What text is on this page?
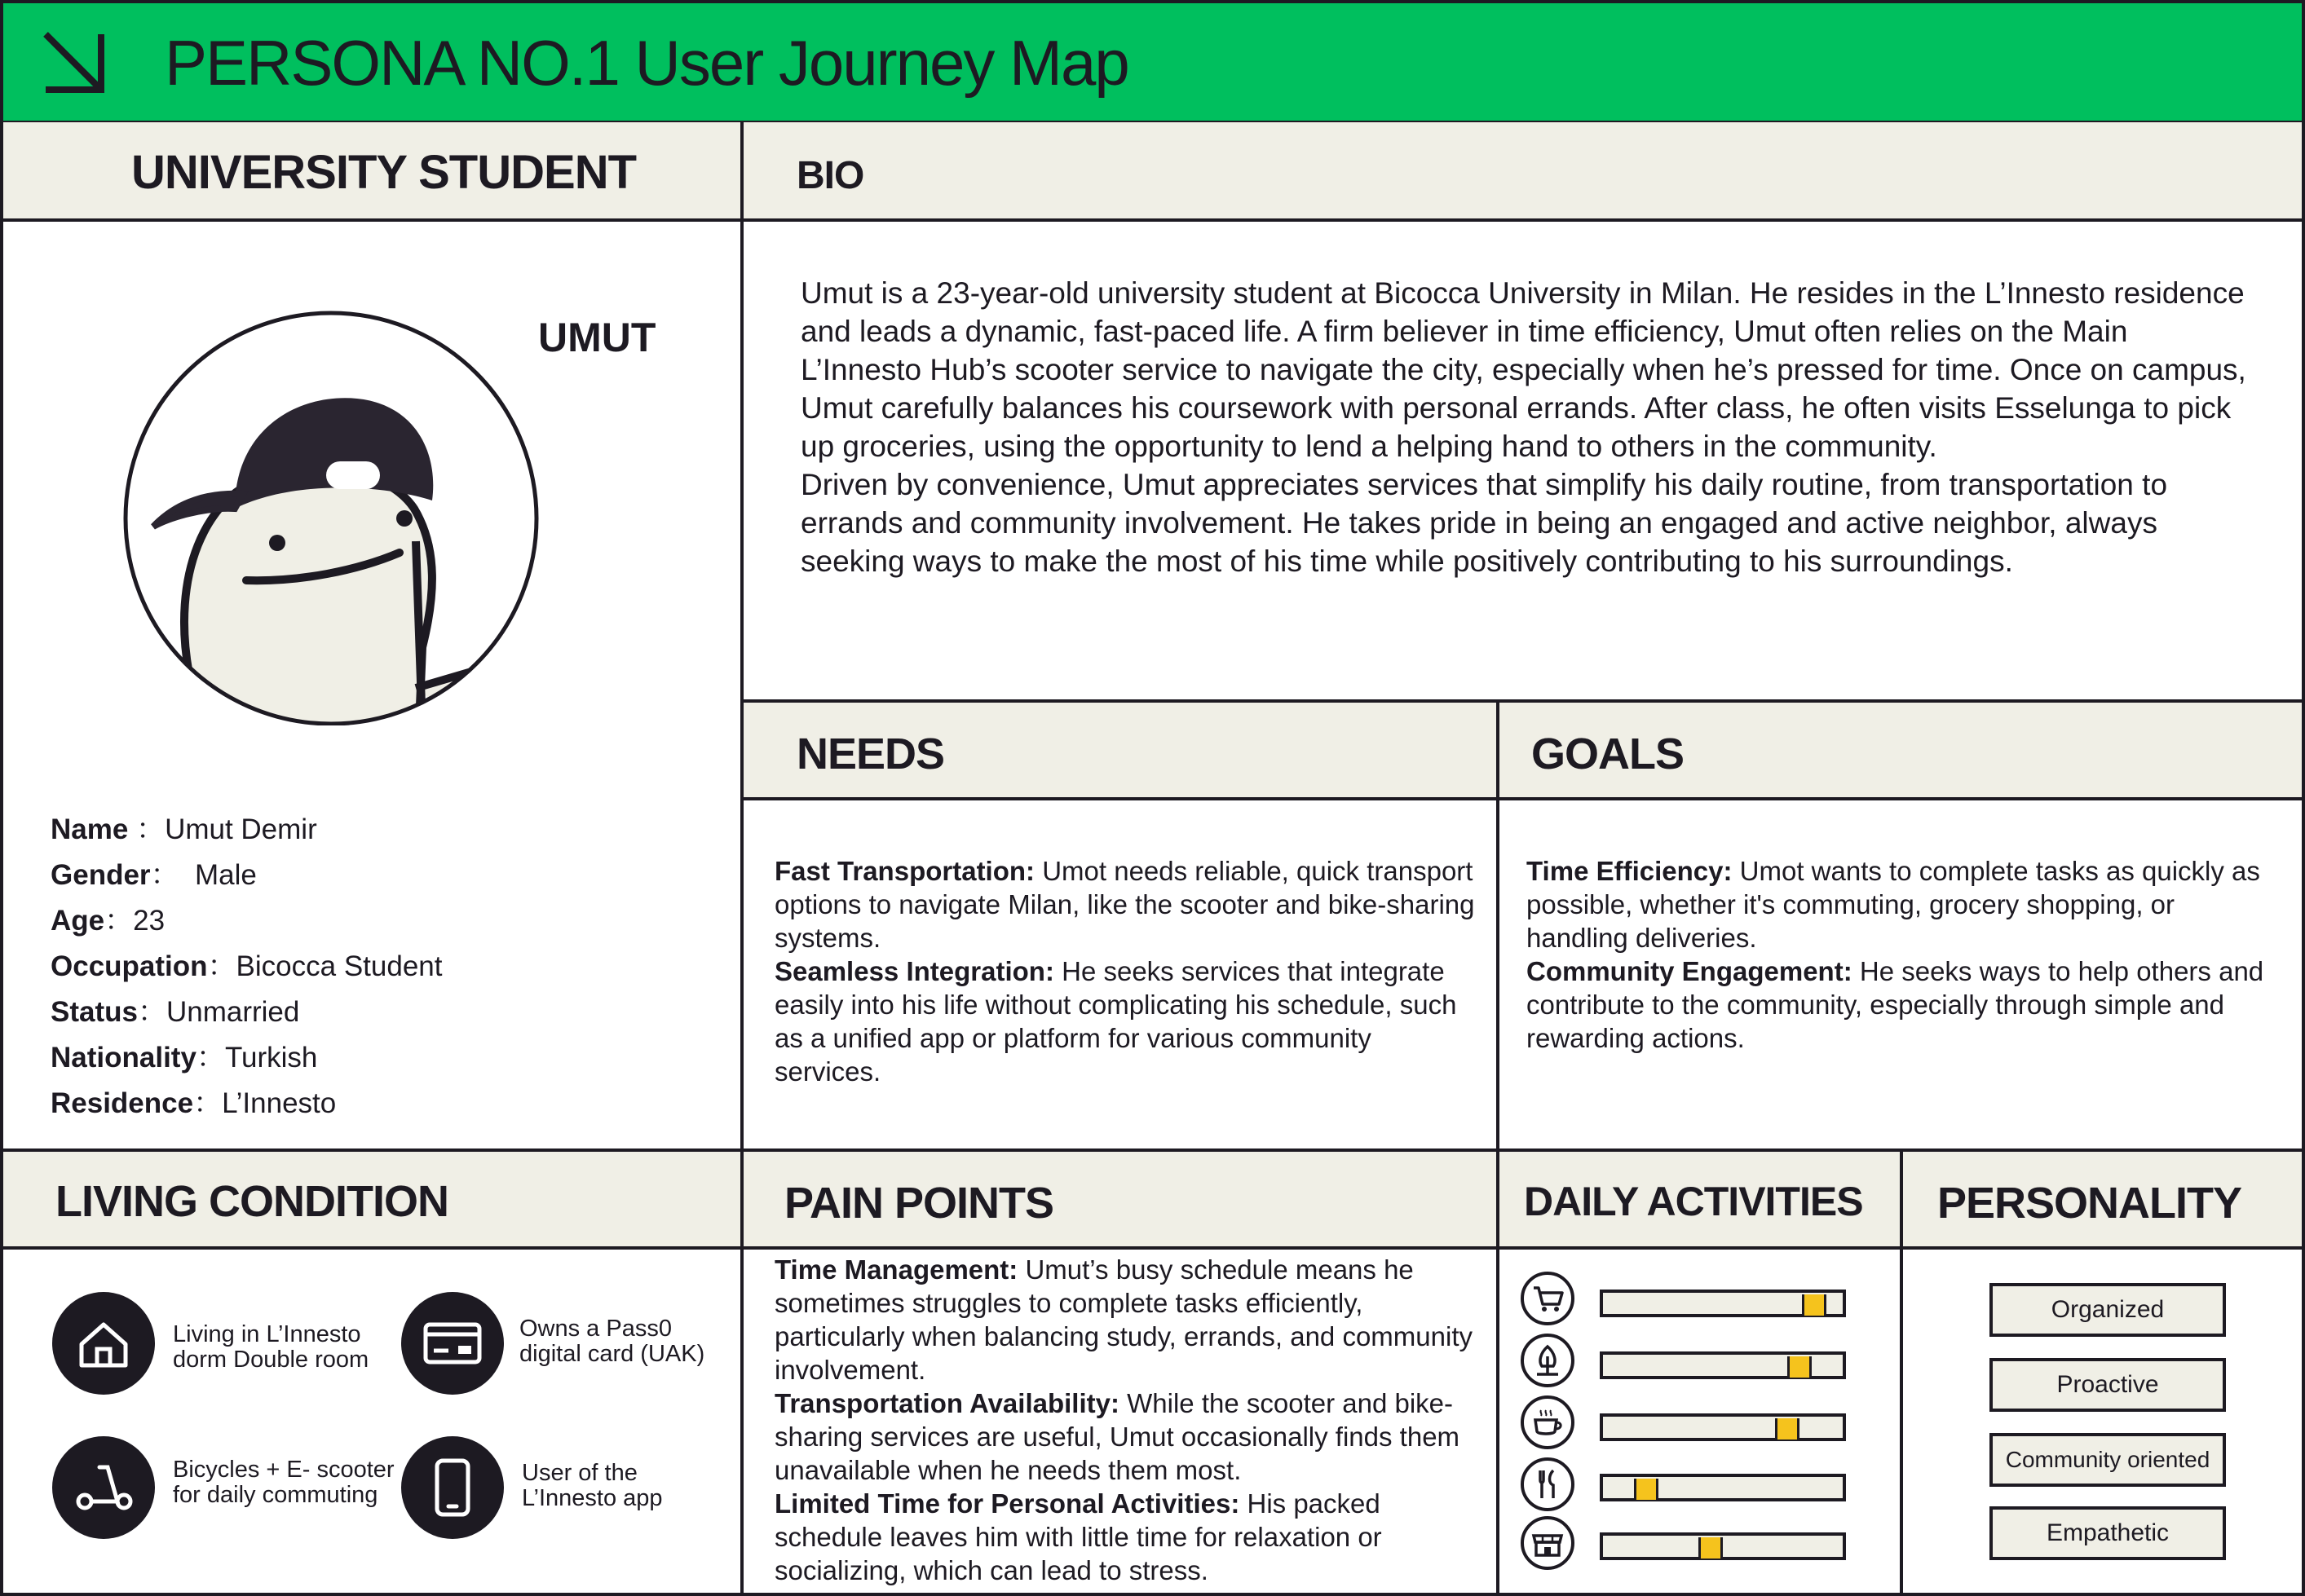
PERSONA NO.1 User Journey Map
UNIVERSITY STUDENT	BIO
NEEDS	GOALS
LIVING CONDITION	PAIN POINTS	DAILY ACTIVITIES PERSONALITY
UMUT
Name ：Umut Demir
Gender：  Male
Age：23
Occupation：Bicocca Student
Status：Unmarried
Nationality：Turkish
Residence：L’Innesto

Umut is a 23-year-old university student at Bicocca University in Milan. He resides in the L’Innesto residence and leads a dynamic, fast-paced life. A firm believer in time efficiency, Umut often relies on the Main L’Innesto Hub’s scooter service to navigate the city, especially when he’s pressed for time. Once on campus, Umut carefully balances his coursework with personal errands. After class, he often visits Esselunga to pick up groceries, using the opportunity to lend a helping hand to others in the community.

Driven by convenience, Umut appreciates services that simplify his daily routine, from transportation to errands and community involvement. He takes pride in being an engaged and active neighbor, always seeking ways to make the most of his time while positively contributing to his surroundings.

Fast Transportation: Umot needs reliable, quick transport options to navigate Milan, like the scooter and bike-sharing systems.

Seamless Integration: He seeks services that integrate easily into his life without complicating his schedule, such as a unified app or platform for various community services.

Time Efficiency: Umot wants to complete tasks as quickly as possible, whether it's commuting, grocery shopping, or handling deliveries.

Community Engagement: He seeks ways to help others and contribute to the community, especially through simple and rewarding actions.

Living in L’Innesto
dorm Double room
Owns a Pass0
digital card (UAK)
Bicycles + E- scooter
for daily commuting
User of the
L’Innesto app

Time Management: Umut’s busy schedule means he sometimes struggles to complete tasks efficiently, particularly when balancing study, errands, and community involvement.

Transportation Availability: While the scooter and bike-sharing services are useful, Umut occasionally finds them unavailable when he needs them most.

Limited Time for Personal Activities: His packed schedule leaves him with little time for relaxation or socializing, which can lead to stress.

Organized
Proactive
Community oriented
Empathetic
